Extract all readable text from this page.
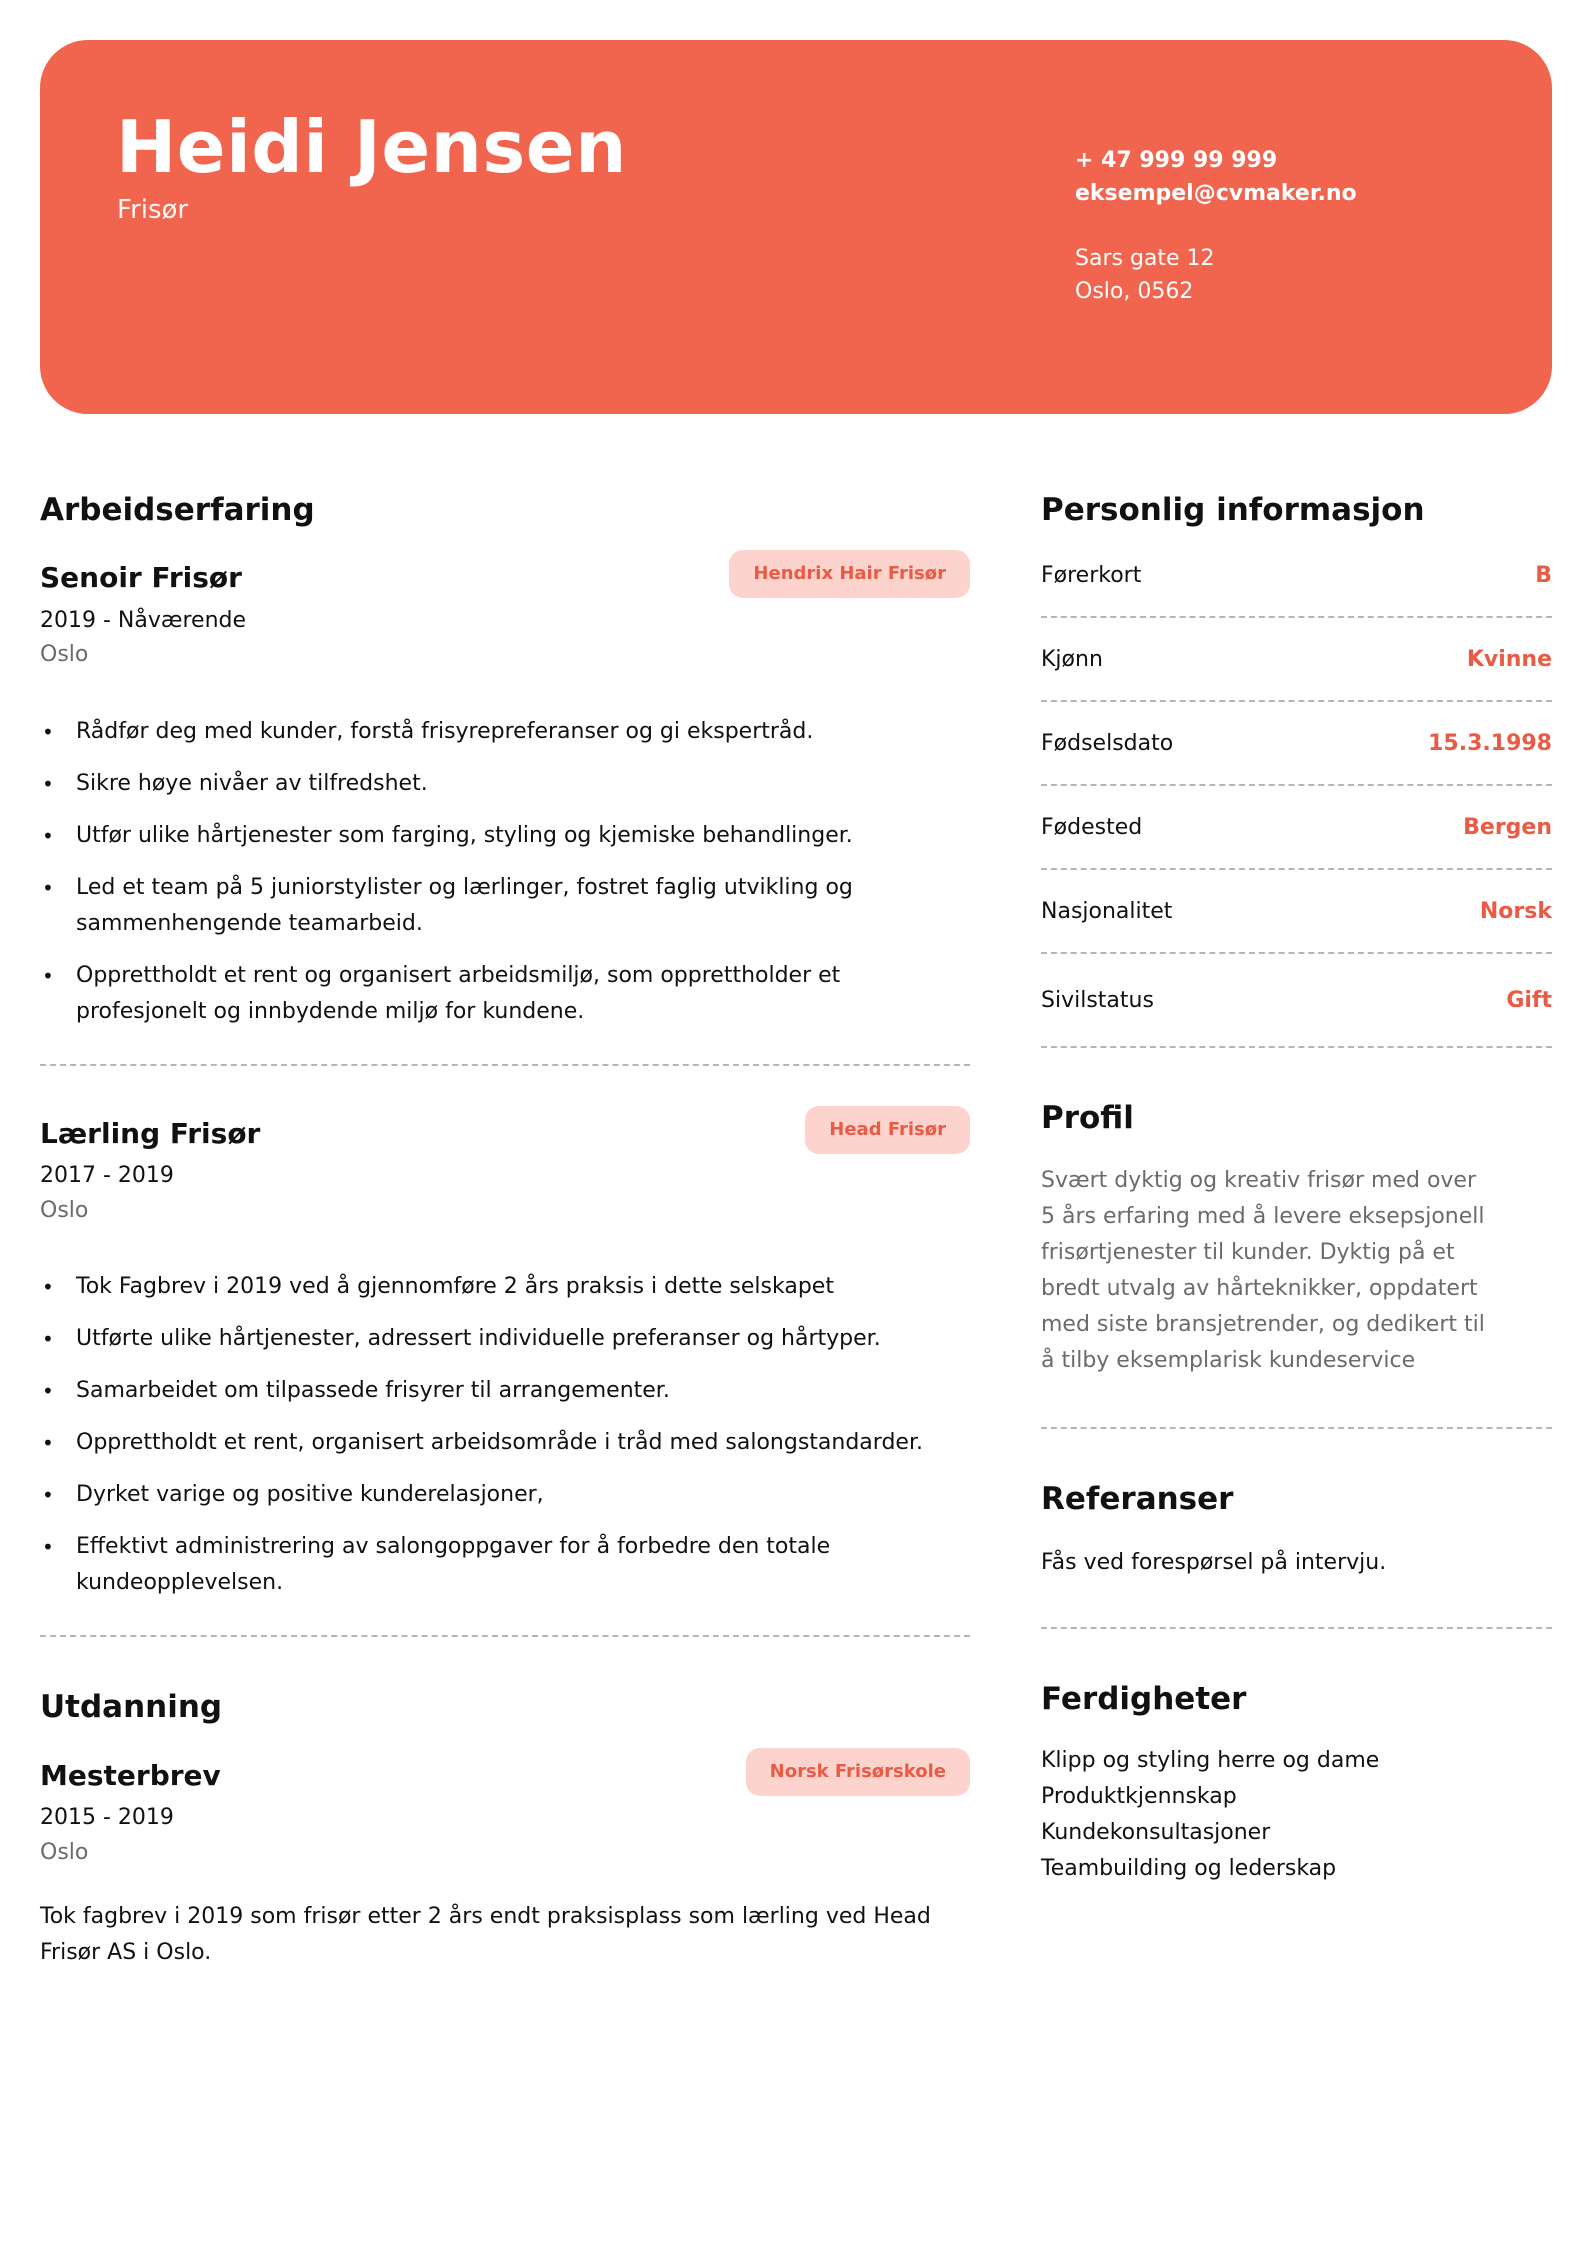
Heidi Jensen
Frisør
+ 47 999 99 999
eksempel@cvmaker.no
Sars gate 12
Oslo, 0562
Arbeidserfaring
Senoir Frisør
2019 - Nåværende
Oslo
Hendrix Hair Frisør
• Rådfør deg med kunder, forstå frisyrepreferanser og gi ekspertråd.
• Sikre høye nivåer av tilfredshet.
• Utfør ulike hårtjenester som farging, styling og kjemiske behandlinger.
• Led et team på 5 juniorstylister og lærlinger, fostret faglig utvikling og sammenhengende teamarbeid.
• Opprettholdt et rent og organisert arbeidsmiljø, som opprettholder et profesjonelt og innbydende miljø for kundene.
Lærling Frisør
2017 - 2019
Oslo
Head Frisør
• Tok Fagbrev i 2019 ved å gjennomføre 2 års praksis i dette selskapet
• Utførte ulike hårtjenester, adressert individuelle preferanser og hårtyper.
• Samarbeidet om tilpassede frisyrer til arrangementer.
• Opprettholdt et rent, organisert arbeidsområde i tråd med salongstandarder.
• Dyrket varige og positive kunderelasjoner,
• Effektivt administrering av salongoppgaver for å forbedre den totale kundeopplevelsen.
Utdanning
Mesterbrev
2015 - 2019
Oslo
Norsk Frisørskole
Tok fagbrev i 2019 som frisør etter 2 års endt praksisplass som lærling ved Head Frisør AS i Oslo.
Personlig informasjon
Førerkort	B
Kjønn	Kvinne
Fødselsdato	15.3.1998
Fødested	Bergen
Nasjonalitet	Norsk
Sivilstatus	Gift
Profil
Svært dyktig og kreativ frisør med over 5 års erfaring med å levere eksepsjonell frisørtjenester til kunder. Dyktig på et bredt utvalg av hårteknikker, oppdatert med siste bransjetrender, og dedikert til å tilby eksemplarisk kundeservice
Referanser
Fås ved forespørsel på intervju.
Ferdigheter
Klipp og styling herre og dame
Produktkjennskap
Kundekonsultasjoner
Teambuilding og lederskap
